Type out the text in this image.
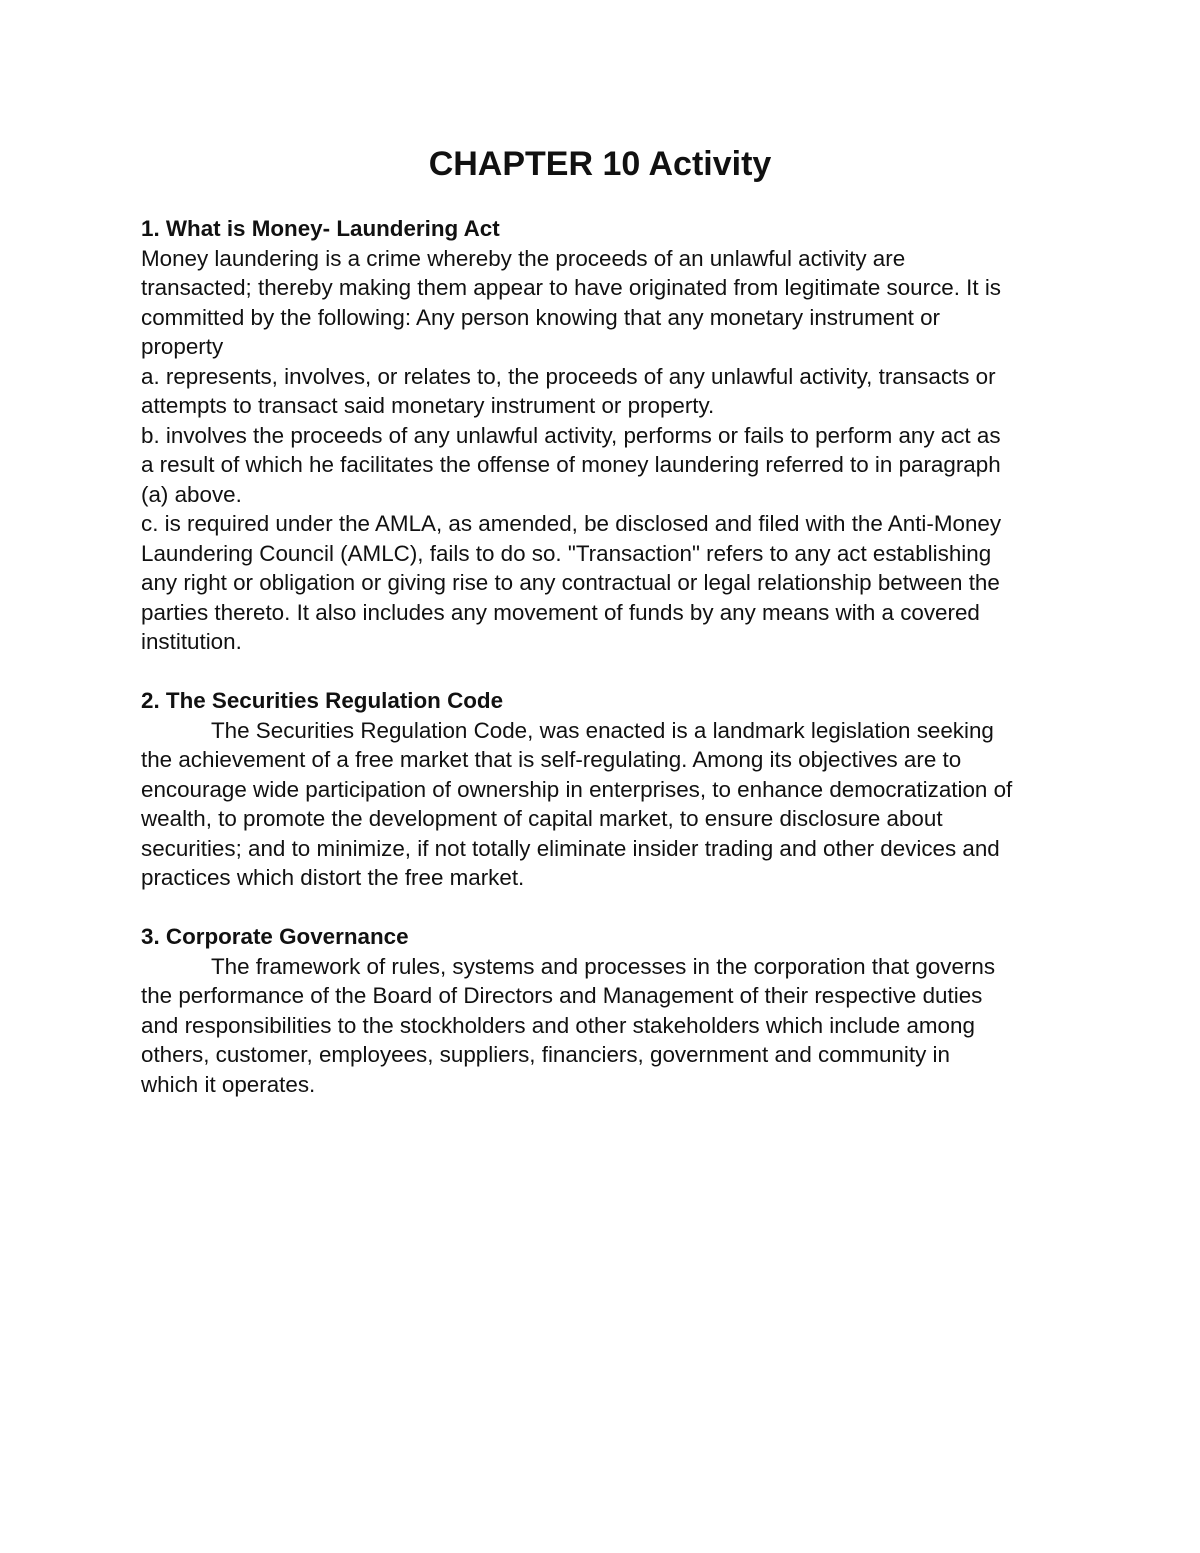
CHAPTER 10 Activity

1. What is Money- Laundering Act

Money laundering is a crime whereby the proceeds of an unlawful activity are

transacted; thereby making them appear to have originated from legitimate source. It is

committed by the following: Any person knowing that any monetary instrument or

property

a. represents, involves, or relates to, the proceeds of any unlawful activity, transacts or

attempts to transact said monetary instrument or property.

b. involves the proceeds of any unlawful activity, performs or fails to perform any act as

a result of which he facilitates the offense of money laundering referred to in paragraph

(a) above.

c. is required under the AMLA, as amended, be disclosed and filed with the Anti-Money

Laundering Council (AMLC), fails to do so. "Transaction" refers to any act establishing

any right or obligation or giving rise to any contractual or legal relationship between the

parties thereto. It also includes any movement of funds by any means with a covered

institution.

2. The Securities Regulation Code

The Securities Regulation Code, was enacted is a landmark legislation seeking

the achievement of a free market that is self-regulating. Among its objectives are to

encourage wide participation of ownership in enterprises, to enhance democratization of

wealth, to promote the development of capital market, to ensure disclosure about

securities; and to minimize, if not totally eliminate insider trading and other devices and

practices which distort the free market.

3. Corporate Governance

The framework of rules, systems and processes in the corporation that governs

the performance of the Board of Directors and Management of their respective duties

and responsibilities to the stockholders and other stakeholders which include among

others, customer, employees, suppliers, financiers, government and community in

which it operates.
